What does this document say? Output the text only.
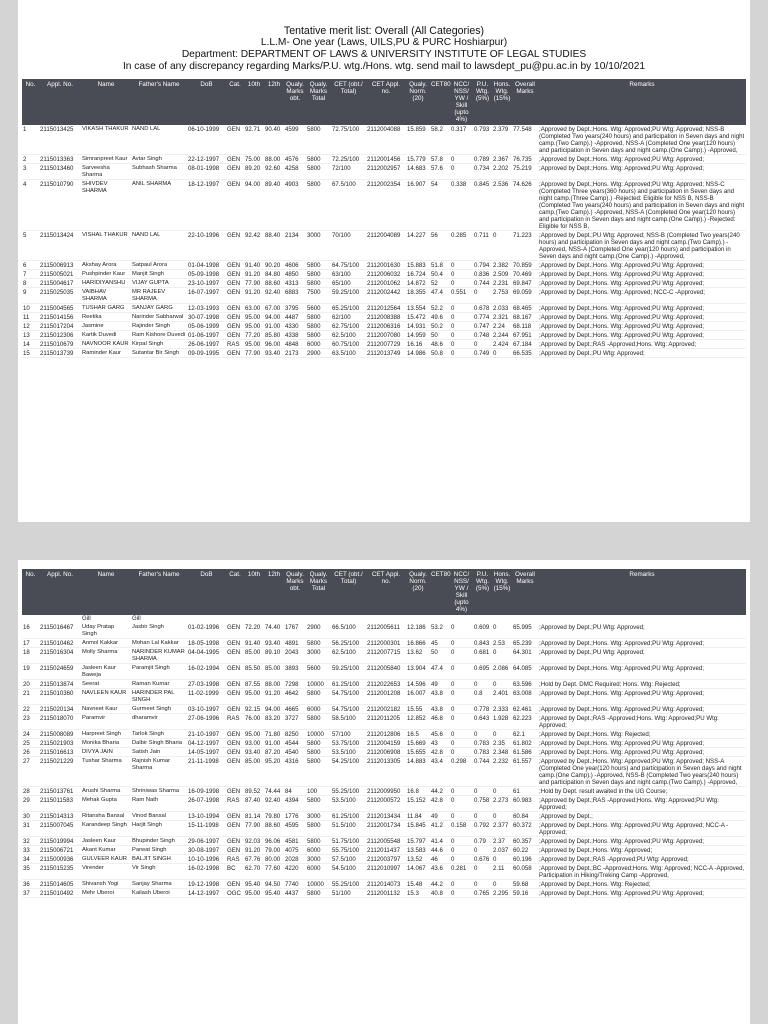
Tentative merit list: Overall (All Categories)
L.L.M- One year (Laws, UILS,PU & PURC Hoshiarpur)
Department: DEPARTMENT OF LAWS & UNIVERSITY INSTITUTE OF LEGAL STUDIES
In case of any discrepancy regarding Marks/P.U. wtg./Hons. wtg. send mail to lawsdept_pu@pu.ac.in by 10/10/2021
No.	Appl. No.	Name	Father's Name	DoB	Cat.	10th	12th	Qualy. Marks obt.	Qualy. Marks Total	CET (obt./ Total)	CET Appl. no.	Qualy. Norm. (20)	CET80	NCC/ NSS/ YW / Skill (upto 4%)	P.U. Wtg. (5%)	Hons. Wtg. (15%)	Overall Marks	Remarks
1	2115013425	VIKASH THAKUR	NAND LAL	06-10-1999	GEN	92.71	90.40	4599	5800	72.75/100	2112004088	15.859	58.2	0.317	0.793	2.379	77.548	;Approved by Dept.;Hons. Wtg: Approved;PU Wtg: Approved; NSS-B (Completed Two years(240 hours) and participation in Seven days and night camp.(Two Camp).) -Approved, NSS-A (Completed One year(120 hours) and participation in Seven days and night camp.(One Camp).) -Approved,
2	2115013363	Simranpreet Kaur	Avtar Singh	22-12-1997	GEN	75.00	88.00	4576	5800	72.25/100	2112001456	15.779	57.8	0	0.789	2.367	76.735	;Approved by Dept.;Hons. Wtg: Approved;PU Wtg: Approved;
3	2115013460	Sarveesha Sharma	Subhash Sharma	08-01-1998	GEN	89.20	92.60	4258	5800	72/100	2112002957	14.683	57.6	0	0.734	2.202	75.219	;Approved by Dept.;Hons. Wtg: Approved;PU Wtg: Approved;
4	2115010790	SHIVDEV SHARMA	ANIL SHARMA	18-12-1997	GEN	94.00	89.40	4903	5800	67.5/100	2112002354	16.907	54	0.338	0.845	2.536	74.626	;Approved by Dept.;Hons. Wtg: Approved;PU Wtg: Approved; NSS-C (Completed Three years(360 hours) and participation in Seven days and night camp.(Three Camp).) -Rejected: Eligible for NSS B, NSS-B (Completed Two years(240 hours) and participation in Seven days and night camp.(Two Camp).) -Approved, NSS-A (Completed One year(120 hours) and participation in Seven days and night camp.(One Camp).) -Rejected: Eligible for NSS B,
5	2115013424	VISHAL THAKUR	NAND LAL	22-10-1996	GEN	92.42	88.40	2134	3000	70/100	2112004089	14.227	56	0.285	0.711	0	71.223	;Approved by Dept.;PU Wtg: Approved; NSS-B (Completed Two years(240 hours) and participation in Seven days and night camp.(Two Camp).) -Approved, NSS-A (Completed One year(120 hours) and participation in Seven days and night camp.(One Camp).) -Approved,
6	2115006913	Akshay Arora	Satpaul Arora	01-04-1998	GEN	91.40	90.20	4606	5800	64.75/100	2112001630	15.883	51.8	0	0.794	2.382	70.859	;Approved by Dept.;Hons. Wtg: Approved;PU Wtg: Approved;
7	2115005021	Pushpinder Kaur	Manjit Singh	05-09-1998	GEN	91.20	84.80	4850	5800	63/100	2112006032	16.724	50.4	0	0.836	2.509	70.469	;Approved by Dept.;Hons. Wtg: Approved;PU Wtg: Approved;
8	2115004617	HARIDIYANSHU	VIJAY GUPTA	23-10-1997	GEN	77.90	88.60	4313	5800	65/100	2112001062	14.872	52	0	0.744	2.231	69.847	;Approved by Dept.;Hons. Wtg: Approved;PU Wtg: Approved;
9	2115025035	VAIBHAV SHARMA	MR RAJEEV SHARMA	16-07-1997	GEN	91.20	92.40	6883	7500	59.25/100	2112002442	18.355	47.4	0.551	0	2.753	69.059	;Approved by Dept.;Hons. Wtg: Approved; NCC-C -Approved;
10	2115004565	TUSHAR GARG	SANJAY GARG	12-03-1993	GEN	63.00	67.00	3795	5600	65.25/100	2112012564	13.554	52.2	0	0.678	2.033	68.465	;Approved by Dept.;Hons. Wtg: Approved;PU Wtg: Approved;
11	2115014156	Reetika	Narinder Sabharwal	30-07-1998	GEN	95.00	94.00	4487	5800	62/100	2112008388	15.472	49.6	0	0.774	2.321	68.167	;Approved by Dept.;Hons. Wtg: Approved;PU Wtg: Approved;
12	2115017204	Jasmine	Rajinder Singh	05-06-1999	GEN	95.00	91.00	4330	5800	62.75/100	2112006316	14.931	50.2	0	0.747	2.24	68.118	;Approved by Dept.;Hons. Wtg: Approved;PU Wtg: Approved;
13	2115012306	Kartik Duvedi	Ram Kishore Duvedi	01-06-1997	GEN	77.20	85.80	4338	5800	62.5/100	2112007080	14.959	50	0	0.748	2.244	67.951	;Approved by Dept.;Hons. Wtg: Approved;PU Wtg: Approved;
14	2115010679	NAVNOOR KAUR	Kirpal Singh	26-06-1997	RAS	95.00	96.00	4848	6000	60.75/100	2112007729	16.16	48.6	0	0	2.424	67.184	;Approved by Dept.;RAS -Approved;Hons. Wtg: Approved;
15	2115013739	Raminder Kaur	Sutantar Bir Singh	09-09-1995	GEN	77.90	93.40	2173	2900	63.5/100	2112013749	14.986	50.8	0	0.749	0	66.535	;Approved by Dept.;PU Wtg: Approved;
No.	Appl. No.	Name	Father's Name	DoB	Cat.	10th	12th	Qualy. Marks obt.	Qualy. Marks Total	CET (obt./ Total)	CET Appl. no.	Qualy. Norm. (20)	CET80	NCC/ NSS/ YW / Skill (upto 4%)	P.U. Wtg. (5%)	Hons. Wtg. (15%)	Overall Marks	Remarks
		Gill	Gill															
16	2115016467	Uday Pratap Singh	Jasbir Singh	01-02-1996	GEN	72.20	74.40	1767	2900	66.5/100	2112005611	12.186	53.2	0	0.609	0	65.995	;Approved by Dept.;PU Wtg: Approved;
17	2115010462	Anmol Kakkar	Mohan Lal Kakkar	18-05-1998	GEN	91.40	93.40	4891	5800	56.25/100	2112000301	16.866	45	0	0.843	2.53	65.239	;Approved by Dept.;Hons. Wtg: Approved;PU Wtg: Approved;
18	2115016304	Molly Sharma	NARINDER KUMAR SHARMA	04-04-1995	GEN	85.00	89.10	2043	3000	62.5/100	2112007715	13.62	50	0	0.681	0	64.301	;Approved by Dept.;PU Wtg: Approved;
19	2115024659	Jasleen Kaur Baweja	Paramjit Singh	16-02-1994	GEN	85.50	85.00	3893	5600	59.25/100	2112005840	13.904	47.4	0	0.695	2.086	64.085	;Approved by Dept.;Hons. Wtg: Approved;PU Wtg: Approved;
20	2115013874	Seerat	Raman Kumar	27-03-1998	GEN	87.55	88.00	7298	10000	61.25/100	2112022653	14.596	49	0	0	0	63.596	;Hold by Dept. DMC Required; Hons. Wtg: Rejected;
21	2115010360	NAVLEEN KAUR	HARINDER PAL SINGH	11-02-1999	GEN	95.00	91.20	4642	5800	54.75/100	2112001208	16.007	43.8	0	0.8	2.401	63.008	;Approved by Dept.;Hons. Wtg: Approved;PU Wtg: Approved;
22	2115020134	Navneet Kaur	Gurmeet Singh	03-10-1997	GEN	92.15	94.00	4665	6000	54.75/100	2112002182	15.55	43.8	0	0.778	2.333	62.461	;Approved by Dept.;Hons. Wtg: Approved;PU Wtg: Approved;
23	2115018070	Paramvir	dharamvir	27-06-1996	RAS	76.00	83.20	3727	5800	58.5/100	2112011205	12.852	46.8	0	0.643	1.928	62.223	;Approved by Dept.;RAS -Approved;Hons. Wtg: Approved;PU Wtg: Approved;
24	2115008089	Harpreet Singh	Tarlok Singh	21-10-1997	GEN	95.00	71.80	8250	10000	57/100	2112012806	16.5	45.6	0	0	0	62.1	;Approved by Dept.;Hons. Wtg: Rejected;
25	2115021903	Monika Bharia	Dalbir Singh Bharia	04-12-1997	GEN	93.00	91.00	4544	5800	53.75/100	2112004159	15.669	43	0	0.783	2.35	61.802	;Approved by Dept.;Hons. Wtg: Approved;PU Wtg: Approved;
26	2115016613	DIVYA JAIN	Satish Jain	14-05-1997	GEN	93.40	87.20	4540	5800	53.5/100	2112006908	15.655	42.8	0	0.783	2.348	61.586	;Approved by Dept.;Hons. Wtg: Approved;PU Wtg: Approved;
27	2115021229	Tushar Sharma	Rajnish Kumar Sharma	21-11-1998	GEN	85.00	95.20	4316	5800	54.25/100	2112013305	14.883	43.4	0.298	0.744	2.232	61.557	;Approved by Dept.;Hons. Wtg: Approved;PU Wtg: Approved; NSS-A (Completed One year(120 hours) and participation in Seven days and night camp.(One Camp).) -Approved, NSS-B (Completed Two years(240 hours) and participation in Seven days and night camp.(Two Camp).) -Approved,
28	2115013761	Arushi Sharma	Shriniwas Sharma	16-09-1998	GEN	89.52	74.44	84	100	55.25/100	2112009950	16.8	44.2	0	0	0	61	;Hold by Dept. result awaited in the UG Course;
29	2115011583	Mehak Gupta	Ram Nath	26-07-1998	RAS	87.40	92.40	4394	5800	53.5/100	2112000572	15.152	42.8	0	0.758	2.273	60.983	;Approved by Dept.;RAS -Approved;Hons. Wtg: Approved;PU Wtg: Approved;
30	2115014313	Ritansha Bansal	Vinod Bansal	13-10-1994	GEN	81.14	79.80	1776	3000	61.25/100	2112013434	11.84	49	0	0	0	60.84	;Approved by Dept.;
31	2115007045	Karandeep Singh	Harjit Singh	15-11-1998	GEN	77.90	88.60	4595	5800	51.5/100	2112001734	15.845	41.2	0.158	0.792	2.377	60.372	;Approved by Dept.;Hons. Wtg: Approved;PU Wtg: Approved; NCC-A -Approved;
32	2115019994	Jasleen Kaur	Bhupinder Singh	29-06-1997	GEN	92.03	96.06	4581	5800	51.75/100	2112005548	15.797	41.4	0	0.79	2.37	60.357	;Approved by Dept.;Hons. Wtg: Approved;PU Wtg: Approved;
33	2115006721	Akant Kumar	Parwat Singh	30-08-1997	GEN	91.20	79.00	4075	6000	55.75/100	2112011437	13.583	44.6	0	0	2.037	60.22	;Approved by Dept.;Hons. Wtg: Approved;
34	2115000936	GULVEER KAUR	BALJIT SINGH	10-10-1996	RAS	67.76	80.00	2028	3000	57.5/100	2112003797	13.52	46	0	0.676	0	60.196	;Approved by Dept.;RAS -Approved;PU Wtg: Approved;
35	2115015235	Virender	Vir Singh	16-02-1998	BC	62.70	77.60	4220	6000	54.5/100	2112010997	14.067	43.6	0.281	0	2.11	60.058	;Approved by Dept.;BC -Approved;Hons. Wtg: Approved; NCC-A -Approved, Participation in Hiking/Treking Camp -Approved,
36	2115014605	Shivansh Yogi	Sanjay Sharma	19-12-1998	GEN	95.40	94.50	7740	10000	55.25/100	2112014073	15.48	44.2	0	0	0	59.68	;Approved by Dept.;Hons. Wtg: Rejected;
37	2115010492	Mehr Uberoi	Kailash Uberoi	14-12-1997	OGC	95.00	95.40	4437	5800	51/100	2112001132	15.3	40.8	0	0.765	2.295	59.16	;Approved by Dept.;Hons. Wtg: Approved;PU Wtg: Approved;
